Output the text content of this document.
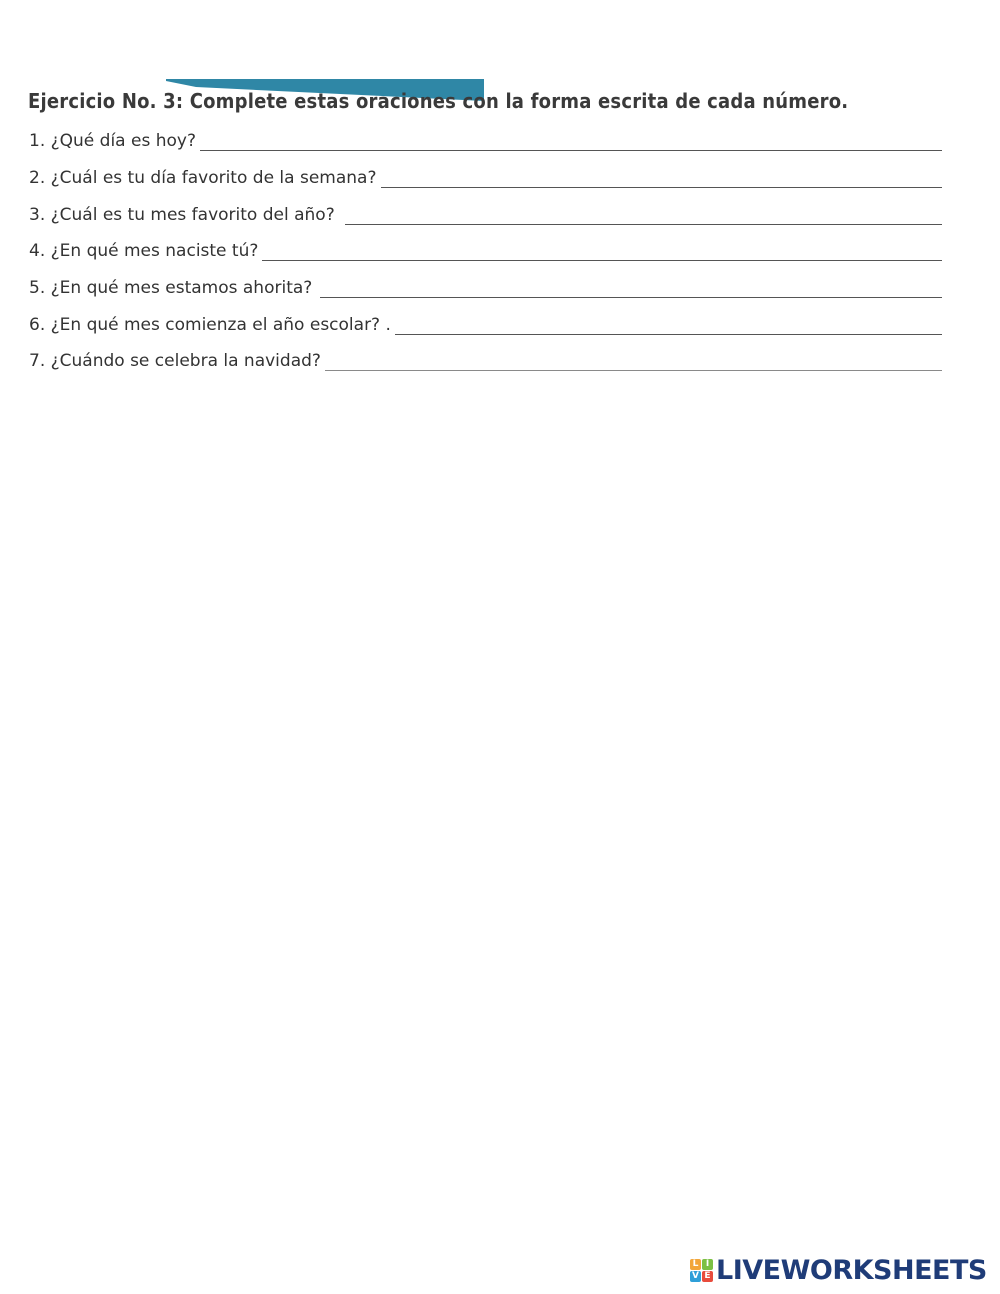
Ejercicio No. 3: Complete estas oraciones con la forma escrita de cada número.
1. ¿Qué día es hoy?
2. ¿Cuál es tu día favorito de la semana?
3. ¿Cuál es tu mes favorito del año?
4. ¿En qué mes naciste tú?
5. ¿En qué mes estamos ahorita?
6. ¿En qué mes comienza el año escolar? .
7. ¿Cuándo se celebra la navidad?
L I
V E LIVEWORKSHEETS
